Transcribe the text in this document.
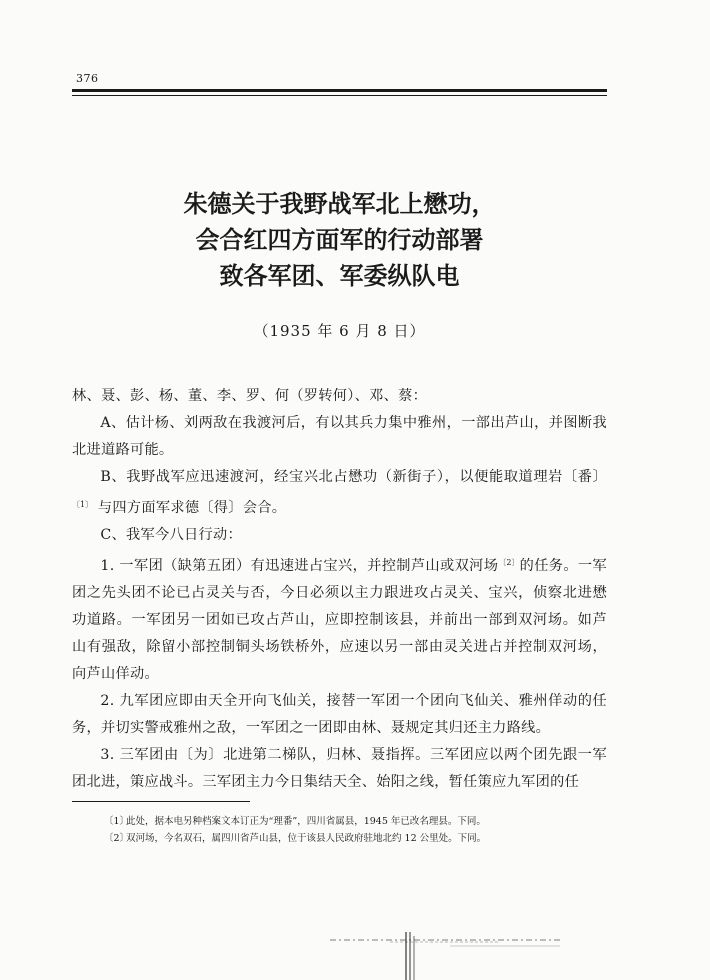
376
朱德关于我野战军北上懋功，
会合红四方面军的行动部署
致各军团、军委纵队电
（1935 年 6 月 8 日）

林、聂、彭、杨、董、李、罗、何（罗转何）、邓、蔡：

A、估计杨、刘两敌在我渡河后，有以其兵力集中雅州，一部出芦山，并图断我北进道路可能。

B、我野战军应迅速渡河，经宝兴北占懋功（新街子），以便能取道理岩〔番〕$^{〔1〕}$ 与四方面军求德〔得〕会合。

C、我军今八日行动：

1. 一军团（缺第五团）有迅速进占宝兴，并控制芦山或双河场$^{〔2〕}$的任务。一军团之先头团不论已占灵关与否，今日必须以主力跟进攻占灵关、宝兴，侦察北进懋功道路。一军团另一团如已攻占芦山，应即控制该县，并前出一部到双河场。如芦山有强敌，除留小部控制铜头场铁桥外，应速以另一部由灵关进占并控制双河场，向芦山佯动。

2. 九军团应即由天全开向飞仙关，接替一军团一个团向飞仙关、雅州佯动的任务，并切实警戒雅州之敌，一军团之一团即由林、聂规定其归还主力路线。

3. 三军团由〔为〕北进第二梯队，归林、聂指挥。三军团应以两个团先跟一军团北进，策应战斗。三军团主力今日集结天全、始阳之线，暂任策应九军团的任

〔1〕此处，据本电另种档案文本订正为“理番”，四川省属县，1945 年已改名理县。下同。

〔2〕双河场，今名双石，属四川省芦山县，位于该县人民政府驻地北约 12 公里处。下同。
